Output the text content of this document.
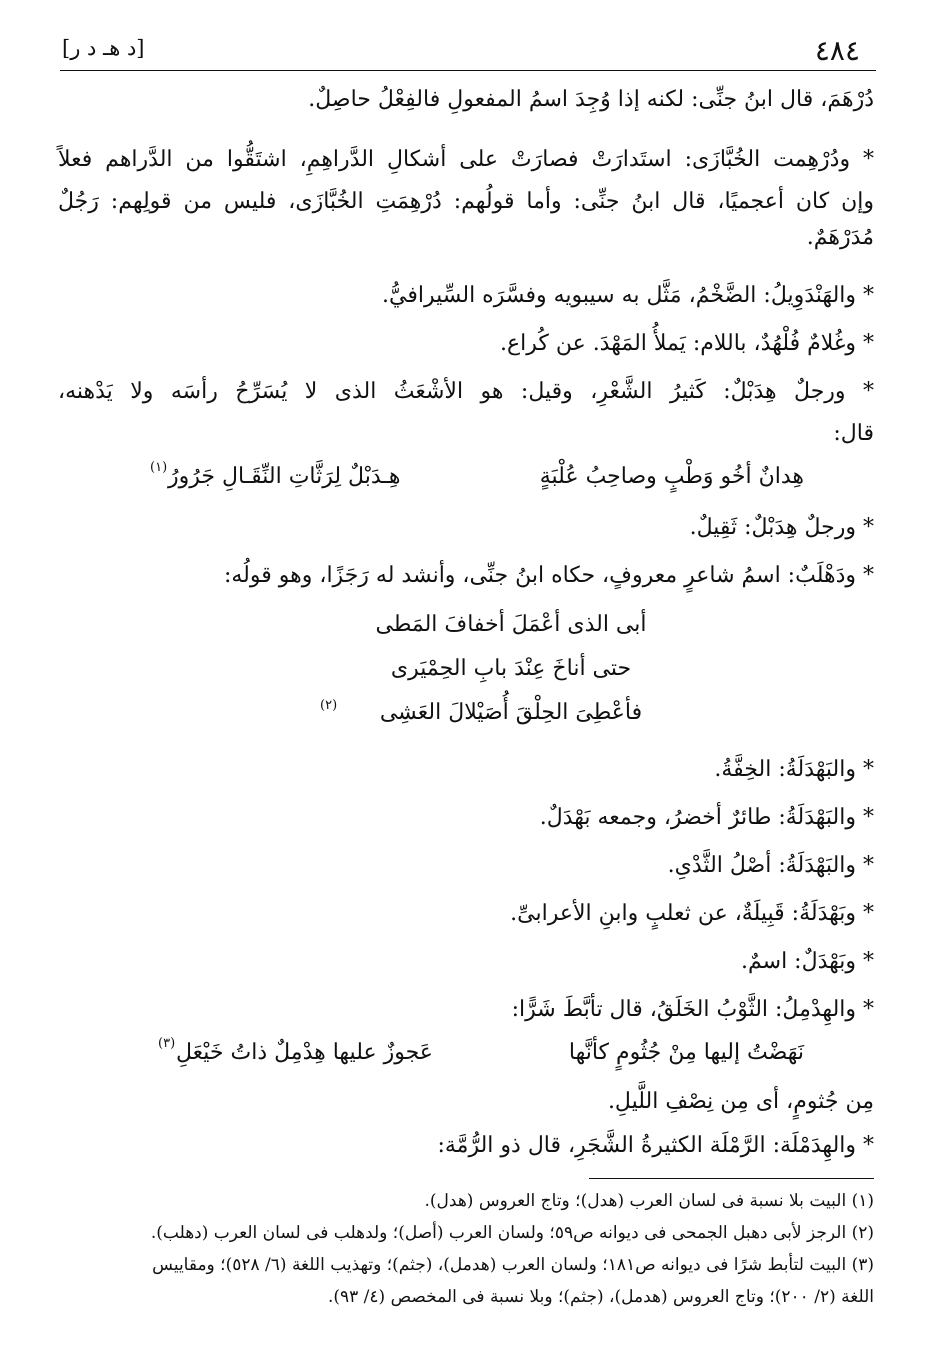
٤٨٤
[د هـ د ر]
دُرْهَمَ، قال ابنُ جنِّى: لكنه إذا وُجِدَ اسمُ المفعولِ فالفِعْلُ حاصِلٌ.
* ودُرْهِمت الخُبَّازَى: استَدارَتْ فصارَتْ على أشكالِ الدَّراهِمِ، اشتَقُّوا من الدَّراهم فعلاً
وإن كان أعجميًا، قال ابنُ جنِّى: وأما قولُهم: دُرْهِمَتِ الخُبَّازَى، فليس من قولِهم: رَجُلٌ
مُدَرْهَمٌ.
* والهَنْدَوِيلُ: الضَّخْمُ، مَثَّل به سيبويه وفسَّرَه السِّيرافيُّ.
* وغُلامٌ فُلْهُدٌ، باللام: يَملأُ المَهْدَ. عن كُراع.
* ورجلٌ هِدَبْلٌ: كَثيرُ الشَّعْرِ، وقيل: هو الأشْعَثُ الذى لا يُسَرِّحُ رأسَه ولا يَدْهنه،
قال:
هِدانٌ أخُو وَطْبٍ وصاحِبُ عُلْبَةٍ
هِـدَبْلٌ لِرَثَّاتِ النِّقَـالِ جَرُورُ
(١)
* ورجلٌ هِدَبْلٌ: ثَقِيلٌ.
* ودَهْلَبٌ: اسمُ شاعرٍ معروفٍ، حكاه ابنُ جنِّى، وأنشد له رَجَزًا، وهو قولُه:
أبى الذى أعْمَلَ أخفافَ المَطى
حتى أناخَ عِنْدَ بابِ الحِمْيَرى
فأعْطِىَ الحِلْقَ أُصَيْلالَ العَشِى
(٢)
* والبَهْدَلَةُ: الخِفَّةُ.
* والبَهْدَلَةُ: طائرٌ أخضرُ، وجمعه بَهْدَلٌ.
* والبَهْدَلَةُ: أصْلُ الثَّدْىِ.
* وبَهْدَلَةُ: قَبِيلَةٌ، عن ثعلبٍ وابنِ الأعرابىِّ.
* وبَهْدَلٌ: اسمٌ.
* والهِدْمِلُ: الثَّوْبُ الخَلَقُ، قال تأبَّطَ شَرًّا:
نَهَضْتُ إليها مِنْ جُثُومٍ كأنَّها
عَجوزٌ عليها هِدْمِلٌ ذاتُ خَيْعَلِ
(٣)
مِن جُثومٍ، أى مِن نِصْفِ اللَّيلِ.
* والهِدَمْلَة: الرَّمْلَة الكثيرةُ الشَّجَرِ، قال ذو الرُّمَّة:
(١) البيت بلا نسبة فى لسان العرب (هدل)؛ وتاج العروس (هدل).
(٢) الرجز لأبى دهبل الجمحى فى ديوانه ص٥٩؛ ولسان العرب (أصل)؛ ولدهلب فى لسان العرب (دهلب).
(٣) البيت لتأبط شرًا فى ديوانه ص١٨١؛ ولسان العرب (هدمل)، (جثم)؛ وتهذيب اللغة (٦/ ٥٢٨)؛ ومقاييس
اللغة (٢/ ٢٠٠)؛ وتاج العروس (هدمل)، (جثم)؛ وبلا نسبة فى المخصص (٤/ ٩٣).
